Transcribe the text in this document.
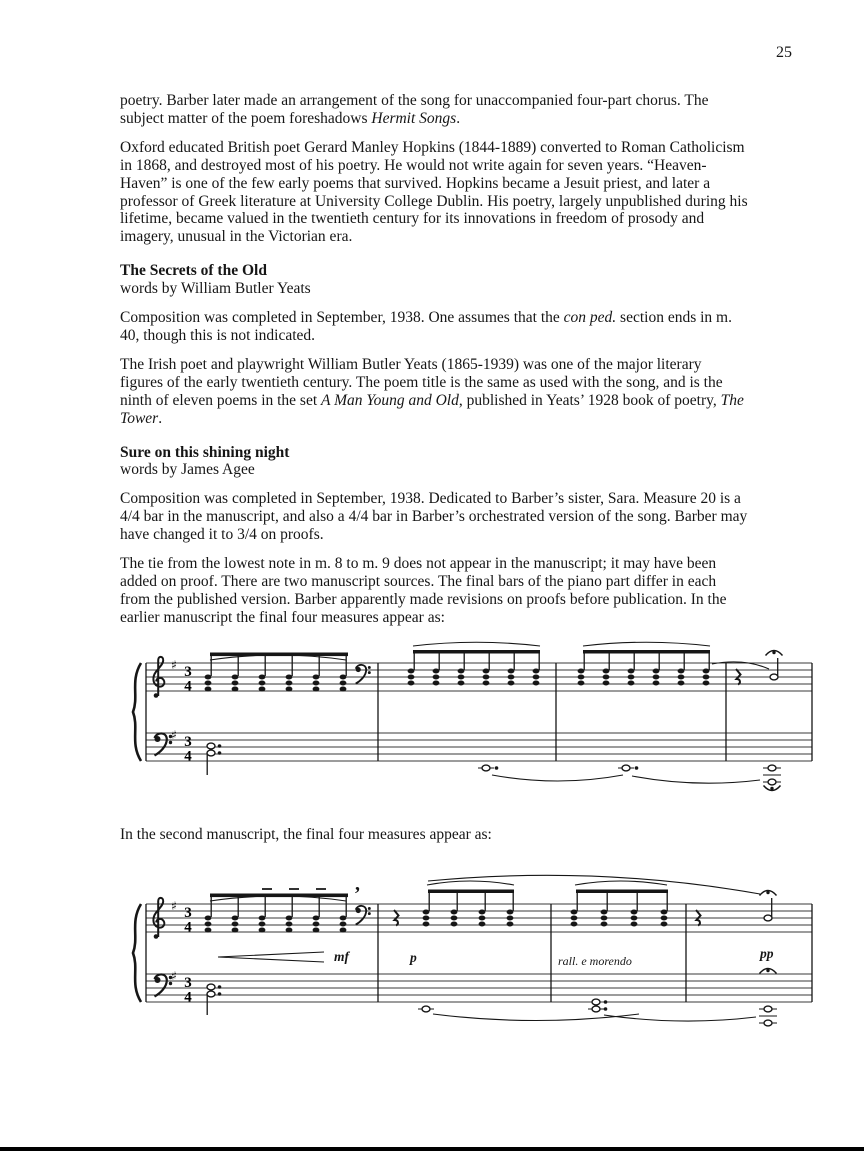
25

poetry. Barber later made an arrangement of the song for unaccompanied four-part chorus. The subject matter of the poem foreshadows Hermit Songs.

Oxford educated British poet Gerard Manley Hopkins (1844-1889) converted to Roman Catholicism in 1868, and destroyed most of his poetry. He would not write again for seven years. “Heaven-Haven” is one of the few early poems that survived. Hopkins became a Jesuit priest, and later a professor of Greek literature at University College Dublin. His poetry, largely unpublished during his lifetime, became valued in the twentieth century for its innovations in freedom of prosody and imagery, unusual in the Victorian era.

The Secrets of the Old

words by William Butler Yeats

Composition was completed in September, 1938. One assumes that the con ped. section ends in m. 40, though this is not indicated.

The Irish poet and playwright William Butler Yeats (1865-1939) was one of the major literary figures of the early twentieth century. The poem title is the same as used with the song, and is the ninth of eleven poems in the set A Man Young and Old, published in Yeats’ 1928 book of poetry, The Tower.

Sure on this shining night

words by James Agee

Composition was completed in September, 1938. Dedicated to Barber’s sister, Sara. Measure 20 is a 4/4 bar in the manuscript, and also a 4/4 bar in Barber’s orchestrated version of the song. Barber may have changed it to 3/4 on proofs.

The tie from the lowest note in m. 8 to m. 9 does not appear in the manuscript; it may have been added on proof. There are two manuscript sources. The final bars of the piano part differ in each from the published version. Barber apparently made revisions on proofs before publication. In the earlier manuscript the final four measures appear as:

♯
♯
3
4
3
4

In the second manuscript, the final four measures appear as:

♯
♯
3
4
3
4
’
mf	p	rall. e morendo	pp
